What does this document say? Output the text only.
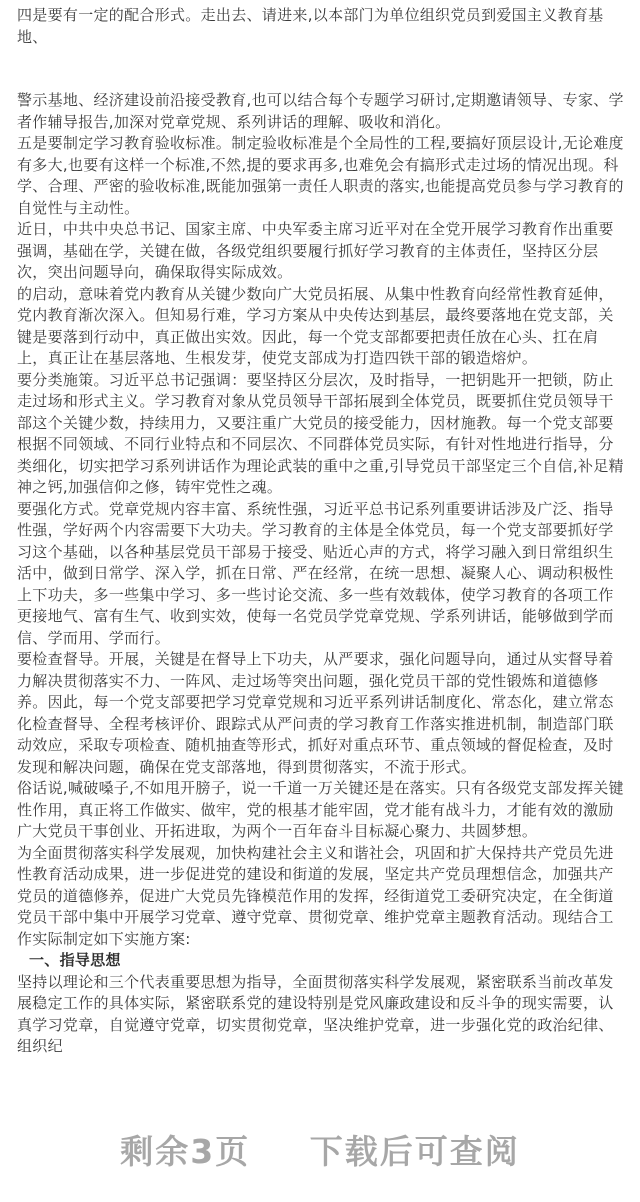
四是要有一定的配合形式。走出去、请进来,以本部门为单位组织党员到爱国主义教育基地、

警示基地、经济建设前沿接受教育,也可以结合每个专题学习研讨,定期邀请领导、专家、学者作辅导报告,加深对党章党规、系列讲话的理解、吸收和消化。

五是要制定学习教育验收标准。制定验收标准是个全局性的工程,要搞好顶层设计,无论难度有多大,也要有这样一个标准,不然,提的要求再多,也难免会有搞形式走过场的情况出现。科学、合理、严密的验收标准,既能加强第一责任人职责的落实,也能提高党员参与学习教育的自觉性与主动性。

近日，中共中央总书记、国家主席、中央军委主席习近平对在全党开展学习教育作出重要强调，基础在学，关键在做，各级党组织要履行抓好学习教育的主体责任，坚持区分层次，突出问题导向，确保取得实际成效。

的启动，意味着党内教育从关键少数向广大党员拓展、从集中性教育向经常性教育延伸，党内教育渐次深入。但知易行难，学习方案从中央传达到基层，最终要落地在党支部，关键是要落到行动中，真正做出实效。因此，每一个党支部都要把责任放在心头、扛在肩上，真正让在基层落地、生根发芽，使党支部成为打造四铁干部的锻造熔炉。

要分类施策。习近平总书记强调：要坚持区分层次，及时指导，一把钥匙开一把锁，防止走过场和形式主义。学习教育对象从党员领导干部拓展到全体党员，既要抓住党员领导干部这个关键少数，持续用力，又要注重广大党员的接受能力，因材施教。每一个党支部要根据不同领域、不同行业特点和不同层次、不同群体党员实际，有针对性地进行指导，分类细化，切实把学习系列讲话作为理论武装的重中之重,引导党员干部坚定三个自信,补足精神之钙,加强信仰之修，铸牢党性之魂。

要强化方式。党章党规内容丰富、系统性强，习近平总书记系列重要讲话涉及广泛、指导性强，学好两个内容需要下大功夫。学习教育的主体是全体党员，每一个党支部要抓好学习这个基础，以各种基层党员干部易于接受、贴近心声的方式，将学习融入到日常组织生活中，做到日常学、深入学，抓在日常、严在经常，在统一思想、凝聚人心、调动积极性上下功夫，多一些集中学习、多一些讨论交流、多一些有效载体，使学习教育的各项工作更接地气、富有生气、收到实效，使每一名党员学党章党规、学系列讲话，能够做到学而信、学而用、学而行。

要检查督导。开展，关键是在督导上下功夫，从严要求，强化问题导向，通过从实督导着力解决贯彻落实不力、一阵风、走过场等突出问题，强化党员干部的党性锻炼和道德修养。因此，每一个党支部要把学习党章党规和习近平系列讲话制度化、常态化，建立常态化检查督导、全程考核评价、跟踪式从严问责的学习教育工作落实推进机制，制造部门联动效应，采取专项检查、随机抽查等形式，抓好对重点环节、重点领域的督促检查，及时发现和解决问题，确保在党支部落地，得到贯彻落实，不流于形式。

俗话说,喊破嗓子,不如甩开膀子，说一千道一万关键还是在落实。只有各级党支部发挥关键性作用，真正将工作做实、做牢，党的根基才能牢固，党才能有战斗力，才能有效的激励广大党员干事创业、开拓进取，为两个一百年奋斗目标凝心聚力、共圆梦想。

为全面贯彻落实科学发展观，加快构建社会主义和谐社会，巩固和扩大保持共产党员先进性教育活动成果，进一步促进党的建设和街道的发展，坚定共产党员理想信念，加强共产党员的道德修养，促进广大党员先锋模范作用的发挥，经街道党工委研究决定，在全街道党员干部中集中开展学习党章、遵守党章、贯彻党章、维护党章主题教育活动。现结合工作实际制定如下实施方案:

一、指导思想

坚持以理论和三个代表重要思想为指导，全面贯彻落实科学发展观，紧密联系当前改革发展稳定工作的具体实际，紧密联系党的建设特别是党风廉政建设和反斗争的现实需要，认真学习党章，自觉遵守党章，切实贯彻党章，坚决维护党章，进一步强化党的政治纪律、组织纪

剩余3页 下载后可查阅
